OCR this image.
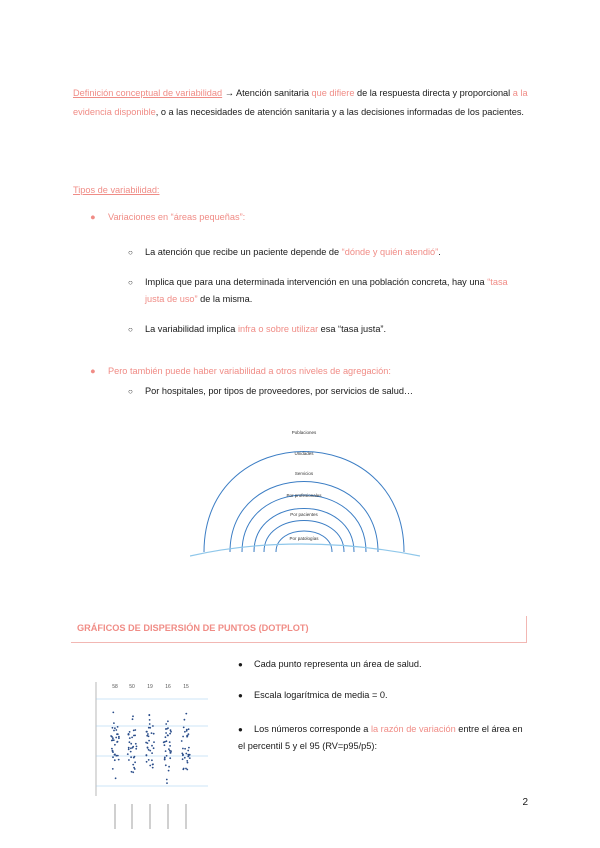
Definición conceptual de variabilidad → Atención sanitaria que difiere de la respuesta directa y proporcional a la evidencia disponible, o a las necesidades de atención sanitaria y a las decisiones informadas de los pacientes.
Tipos de variabilidad:
● Variaciones en “áreas pequeñas”:
○ La atención que recibe un paciente depende de “dónde y quién atendió”.
○ Implica que para una determinada intervención en una población concreta, hay una “tasa justa de uso” de la misma.
○ La variabilidad implica infra o sobre utilizar esa “tasa justa”.
● Pero también puede haber variabilidad a otros niveles de agregación:
○ Por hospitales, por tipos de proveedores, por servicios de salud…
Poblaciones
Unidades
Servicios
Por profesionales
Por pacientes
Por patologías
GRÁFICOS DE DISPERSIÓN DE PUNTOS (DOTPLOT)
58 50 19 16 15
● Cada punto representa un área de salud.
● Escala logarítmica de media = 0.
● Los números corresponde a la razón de variación entre el área en el percentil 5 y el 95 (RV=p95/p5):
2
